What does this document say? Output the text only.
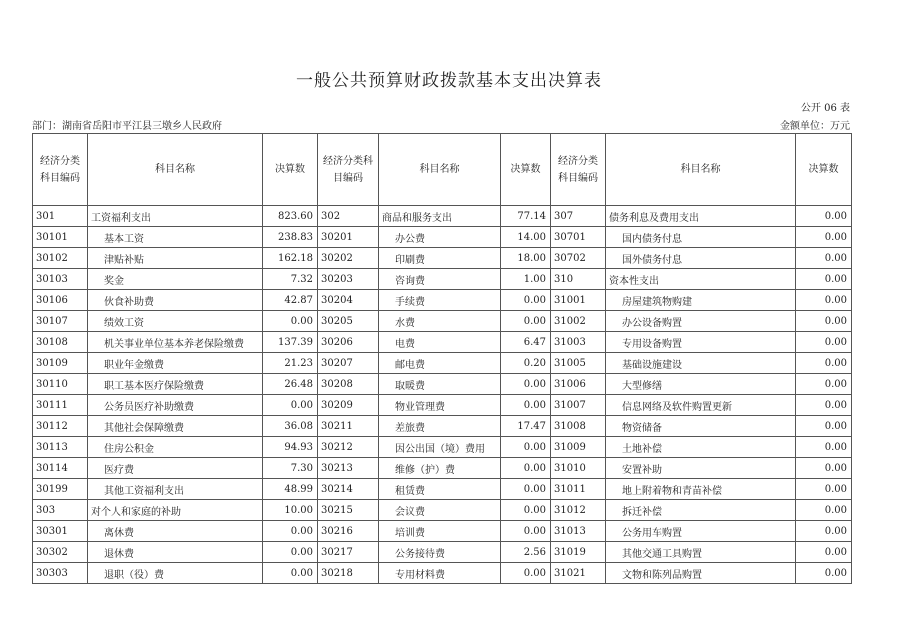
一般公共预算财政拨款基本支出决算表
公开 06 表
部门：湖南省岳阳市平江县三墩乡人民政府	金额单位：万元
经济分类科目编码	科目名称	决算数	经济分类科目编码	科目名称	决算数	经济分类科目编码	科目名称	决算数
301	工资福利支出	823.60	302	商品和服务支出	77.14	307	债务利息及费用支出	0.00
30101	基本工资	238.83	30201	办公费	14.00	30701	国内债务付息	0.00
30102	津贴补贴	162.18	30202	印刷费	18.00	30702	国外债务付息	0.00
30103	奖金	7.32	30203	咨询费	1.00	310	资本性支出	0.00
30106	伙食补助费	42.87	30204	手续费	0.00	31001	房屋建筑物购建	0.00
30107	绩效工资	0.00	30205	水费	0.00	31002	办公设备购置	0.00
30108	机关事业单位基本养老保险缴费	137.39	30206	电费	6.47	31003	专用设备购置	0.00
30109	职业年金缴费	21.23	30207	邮电费	0.20	31005	基础设施建设	0.00
30110	职工基本医疗保险缴费	26.48	30208	取暖费	0.00	31006	大型修缮	0.00
30111	公务员医疗补助缴费	0.00	30209	物业管理费	0.00	31007	信息网络及软件购置更新	0.00
30112	其他社会保障缴费	36.08	30211	差旅费	17.47	31008	物资储备	0.00
30113	住房公积金	94.93	30212	因公出国（境）费用	0.00	31009	土地补偿	0.00
30114	医疗费	7.30	30213	维修（护）费	0.00	31010	安置补助	0.00
30199	其他工资福利支出	48.99	30214	租赁费	0.00	31011	地上附着物和青苗补偿	0.00
303	对个人和家庭的补助	10.00	30215	会议费	0.00	31012	拆迁补偿	0.00
30301	离休费	0.00	30216	培训费	0.00	31013	公务用车购置	0.00
30302	退休费	0.00	30217	公务接待费	2.56	31019	其他交通工具购置	0.00
30303	退职（役）费	0.00	30218	专用材料费	0.00	31021	文物和陈列品购置	0.00
